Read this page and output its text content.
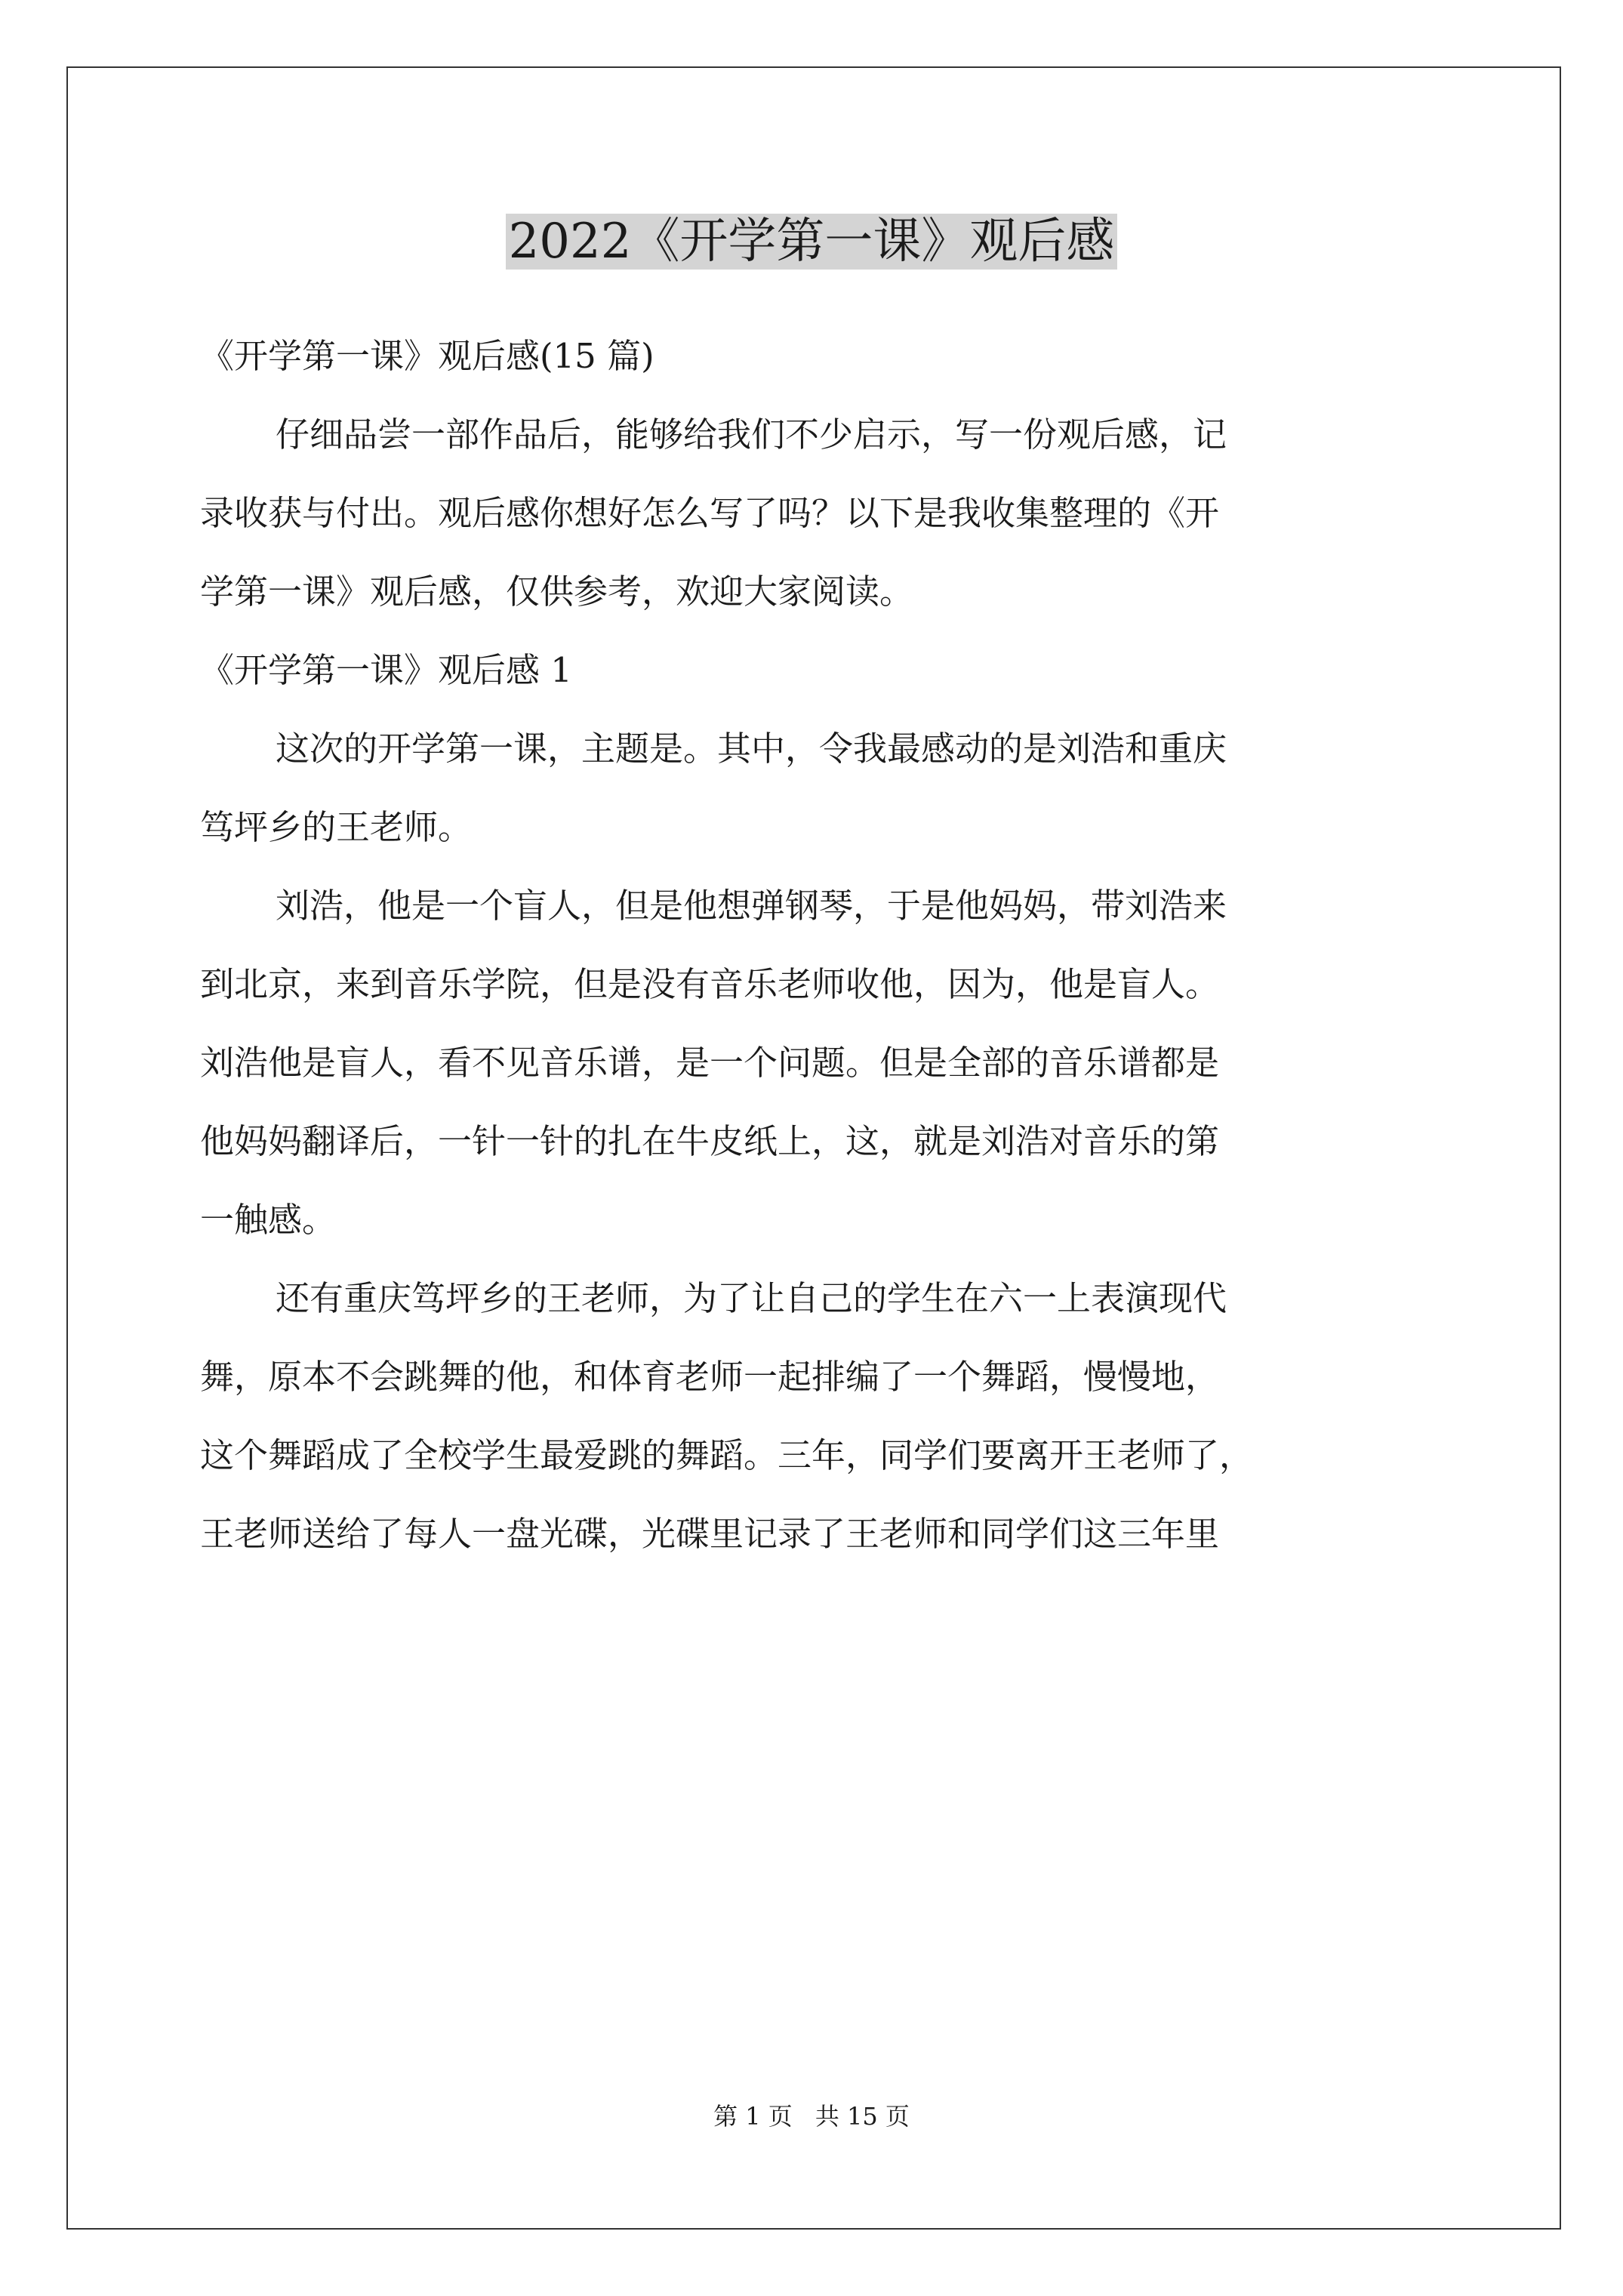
2022《开学第一课》观后感
《开学第一课》观后感(15 篇)
仔细品尝一部作品后，能够给我们不少启示，写一份观后感，记
录收获与付出。观后感你想好怎么写了吗？以下是我收集整理的《开
学第一课》观后感，仅供参考，欢迎大家阅读。
《开学第一课》观后感 1
这次的开学第一课，主题是。其中，令我最感动的是刘浩和重庆
笃坪乡的王老师。
刘浩，他是一个盲人，但是他想弹钢琴，于是他妈妈，带刘浩来
到北京，来到音乐学院，但是没有音乐老师收他，因为，他是盲人。
刘浩他是盲人，看不见音乐谱，是一个问题。但是全部的音乐谱都是
他妈妈翻译后，一针一针的扎在牛皮纸上，这，就是刘浩对音乐的第
一触感。
还有重庆笃坪乡的王老师，为了让自己的学生在六一上表演现代
舞，原本不会跳舞的他，和体育老师一起排编了一个舞蹈，慢慢地，
这个舞蹈成了全校学生最爱跳的舞蹈。三年，同学们要离开王老师了，
王老师送给了每人一盘光碟，光碟里记录了王老师和同学们这三年里
第 1 页 共 15 页
